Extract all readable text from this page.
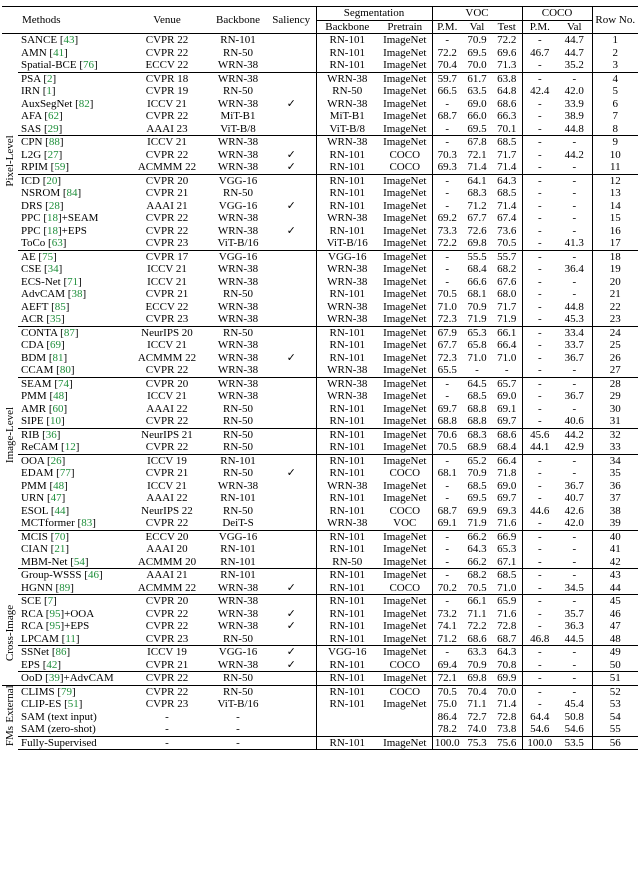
Methods		Venue	Backbone	Saliency	Segmentation		VOC			COCO		Row No.
					Backbone	Pretrain	P.M.	Val	Test	P.M.	Val	

Pixel-Level	SANCE [43]	CVPR 22	RN-101		RN-101	ImageNet	-	70.9	72.2	-	44.7	1
	AMN [41]	CVPR 22	RN-50		RN-101	ImageNet	72.2	69.5	69.6	46.7	44.7	2
	Spatial-BCE [76]	ECCV 22	WRN-38		RN-101	ImageNet	70.4	70.0	71.3	-	35.2	3
	PSA [2]	CVPR 18	WRN-38		WRN-38	ImageNet	59.7	61.7	63.8	-	-	4
	IRN [1]	CVPR 19	RN-50		RN-50	ImageNet	66.5	63.5	64.8	42.4	42.0	5
	AuxSegNet [82]	ICCV 21	WRN-38	✓	WRN-38	ImageNet	-	69.0	68.6	-	33.9	6
	AFA [62]	CVPR 22	MiT-B1		MiT-B1	ImageNet	68.7	66.0	66.3	-	38.9	7
	SAS [29]	AAAI 23	ViT-B/8		ViT-B/8	ImageNet	-	69.5	70.1	-	44.8	8
	CPN [88]	ICCV 21	WRN-38		WRN-38	ImageNet	-	67.8	68.5	-	-	9
	L2G [27]	CVPR 22	WRN-38	✓	RN-101	COCO	70.3	72.1	71.7	-	44.2	10
	RPIM [59]	ACMMM 22	WRN-38	✓	RN-101	COCO	69.3	71.4	71.4	-	-	11
	ICD [20]	CVPR 20	VGG-16		RN-101	ImageNet	-	64.1	64.3	-	-	12
	NSROM [84]	CVPR 21	RN-50		RN-101	ImageNet	-	68.3	68.5	-	-	13
	DRS [28]	AAAI 21	VGG-16	✓	RN-101	ImageNet	-	71.2	71.4	-	-	14
	PPC [18]+SEAM	CVPR 22	WRN-38		WRN-38	ImageNet	69.2	67.7	67.4	-	-	15
	PPC [18]+EPS	CVPR 22	WRN-38	✓	RN-101	ImageNet	73.3	72.6	73.6	-	-	16
	ToCo [63]	CVPR 23	ViT-B/16		ViT-B/16	ImageNet	72.2	69.8	70.5	-	41.3	17
	AE [75]	CVPR 17	VGG-16		VGG-16	ImageNet	-	55.5	55.7	-	-	18
	CSE [34]	ICCV 21	WRN-38		WRN-38	ImageNet	-	68.4	68.2	-	36.4	19
	ECS-Net [71]	ICCV 21	WRN-38		WRN-38	ImageNet	-	66.6	67.6	-	-	20

Image-Level	AdvCAM [38]	CVPR 21	RN-50		RN-101	ImageNet	70.5	68.1	68.0	-	-	21
	AEFT [85]	ECCV 22	WRN-38		WRN-38	ImageNet	71.0	70.9	71.7	-	44.8	22
	ACR [35]	CVPR 23	WRN-38		WRN-38	ImageNet	72.3	71.9	71.9	-	45.3	23
	CONTA [87]	NeurIPS 20	RN-50		RN-101	ImageNet	67.9	65.3	66.1	-	33.4	24
	CDA [69]	ICCV 21	WRN-38		RN-101	ImageNet	67.7	65.8	66.4	-	33.7	25
	BDM [81]	ACMMM 22	WRN-38	✓	RN-101	ImageNet	72.3	71.0	71.0	-	36.7	26
	CCAM [80]	CVPR 22	WRN-38		WRN-38	ImageNet	65.5	-	-	-	-	27
	SEAM [74]	CVPR 20	WRN-38		WRN-38	ImageNet	-	64.5	65.7	-	-	28
	PMM [48]	ICCV 21	WRN-38		WRN-38	ImageNet	-	68.5	69.0	-	36.7	29
	AMR [60]	AAAI 22	RN-50		RN-101	ImageNet	69.7	68.8	69.1	-	-	30
	SIPE [10]	CVPR 22	RN-50		RN-101	ImageNet	68.8	68.8	69.7	-	40.6	31
	RIB [36]	NeurIPS 21	RN-50		RN-101	ImageNet	70.6	68.3	68.6	45.6	44.2	32
	ReCAM [12]	CVPR 22	RN-50		RN-101	ImageNet	70.5	68.9	68.4	44.1	42.9	33
	OOA [26]	ICCV 19	RN-101		RN-101	ImageNet	-	65.2	66.4	-	-	34
	EDAM [77]	CVPR 21	RN-50	✓	RN-101	COCO	68.1	70.9	71.8	-	-	35
	PMM [48]	ICCV 21	WRN-38		WRN-38	ImageNet	-	68.5	69.0	-	36.7	36
	URN [47]	AAAI 22	RN-101		RN-101	ImageNet	-	69.5	69.7	-	40.7	37
	ESOL [44]	NeurIPS 22	RN-50		RN-101	COCO	68.7	69.9	69.3	44.6	42.6	38
	MCTformer [83]	CVPR 22	DeiT-S		WRN-38	VOC	69.1	71.9	71.6	-	42.0	39
	MCIS [70]	ECCV 20	VGG-16		RN-101	ImageNet	-	66.2	66.9	-	-	40
	CIAN [21]	AAAI 20	RN-101		RN-101	ImageNet	-	64.3	65.3	-	-	41
	MBM-Net [54]	ACMMM 20	RN-101		RN-50	ImageNet	-	66.2	67.1	-	-	42
	Group-WSSS [46]	AAAI 21	RN-101		RN-101	ImageNet	-	68.2	68.5	-	-	43

Cross-Image	HGNN [89]	ACMMM 22	WRN-38	✓	RN-101	COCO	70.2	70.5	71.0	-	34.5	44
	SCE [7]	CVPR 20	WRN-38		RN-101	ImageNet	-	66.1	65.9	-	-	45
	RCA [95]+OOA	CVPR 22	WRN-38	✓	RN-101	ImageNet	73.2	71.1	71.6	-	35.7	46
	RCA [95]+EPS	CVPR 22	WRN-38	✓	RN-101	ImageNet	74.1	72.2	72.8	-	36.3	47
	LPCAM [11]	CVPR 23	RN-50		RN-101	ImageNet	71.2	68.6	68.7	46.8	44.5	48
	SSNet [86]	ICCV 19	VGG-16	✓	VGG-16	ImageNet	-	63.3	64.3	-	-	49
	EPS [42]	CVPR 21	WRN-38	✓	RN-101	COCO	69.4	70.9	70.8	-	-	50
	OoD [39]+AdvCAM	CVPR 22	RN-50		RN-101	ImageNet	72.1	69.8	69.9	-	-	51

External	CLIMS [79]	CVPR 22	RN-50		RN-101	COCO	70.5	70.4	70.0	-	-	52
	CLIP-ES [51]	CVPR 23	ViT-B/16		RN-101	ImageNet	75.0	71.1	71.4	-	45.4	53
	SAM (text input)	-	-				86.4	72.7	72.8	64.4	50.8	54

FMs	SAM (zero-shot)	-	-				78.2	74.0	73.8	54.6	54.6	55
	Fully-Supervised	-	-		RN-101	ImageNet	100.0	75.3	75.6	100.0	53.5	56
